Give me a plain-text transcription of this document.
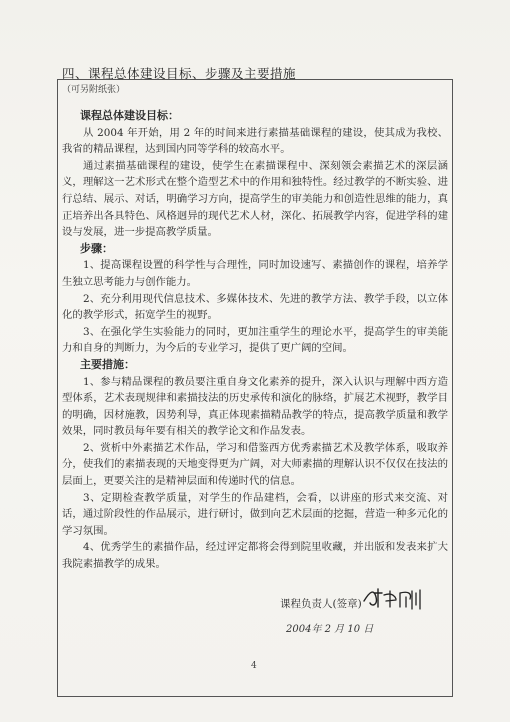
四、课程总体建设目标、步骤及主要措施
（可另附纸张）

课程总体建设目标：

从 2004 年开始，用 2 年的时间来进行素描基础课程的建设，使其成为我校、我省的精品课程，达到国内同等学科的较高水平。

通过素描基础课程的建设，使学生在素描课程中、深刻领会素描艺术的深层涵义，理解这一艺术形式在整个造型艺术中的作用和独特性。经过教学的不断实验、进行总结、展示、对话，明确学习方向，提高学生的审美能力和创造性思维的能力，真正培养出各具特色、风格迥异的现代艺术人材，深化、拓展教学内容，促进学科的建设与发展，进一步提高教学质量。

步骤：

1、提高课程设置的科学性与合理性，同时加设速写、素描创作的课程，培养学生独立思考能力与创作能力。

2、充分利用现代信息技术、多媒体技术、先进的教学方法、教学手段，以立体化的教学形式，拓宽学生的视野。

3、在强化学生实验能力的同时，更加注重学生的理论水平，提高学生的审美能力和自身的判断力，为今后的专业学习，提供了更广阔的空间。

主要措施：

1、参与精品课程的教员要注重自身文化素养的提升，深入认识与理解中西方造型体系，艺术表现规律和素描技法的历史承传和演化的脉络，扩展艺术视野，教学目的明确，因材施教，因势利导，真正体现素描精品教学的特点，提高教学质量和教学效果，同时教员每年要有相关的教学论文和作品发表。

2、赏析中外素描艺术作品，学习和借鉴西方优秀素描艺术及教学体系，吸取养分，使我们的素描表现的天地变得更为广阔，对大师素描的理解认识不仅仅在技法的层面上，更要关注的是精神层面和传递时代的信息。

3、定期检查教学质量，对学生的作品建档，会看，以讲座的形式来交流、对话，通过阶段性的作品展示，进行研讨，做到向艺术层面的挖掘，营造一种多元化的学习氛围。

4、优秀学生的素描作品，经过评定都将会得到院里收藏，并出版和发表来扩大我院素描教学的成果。

课程负责人(签章)
2004年 2 月 10 日
4
